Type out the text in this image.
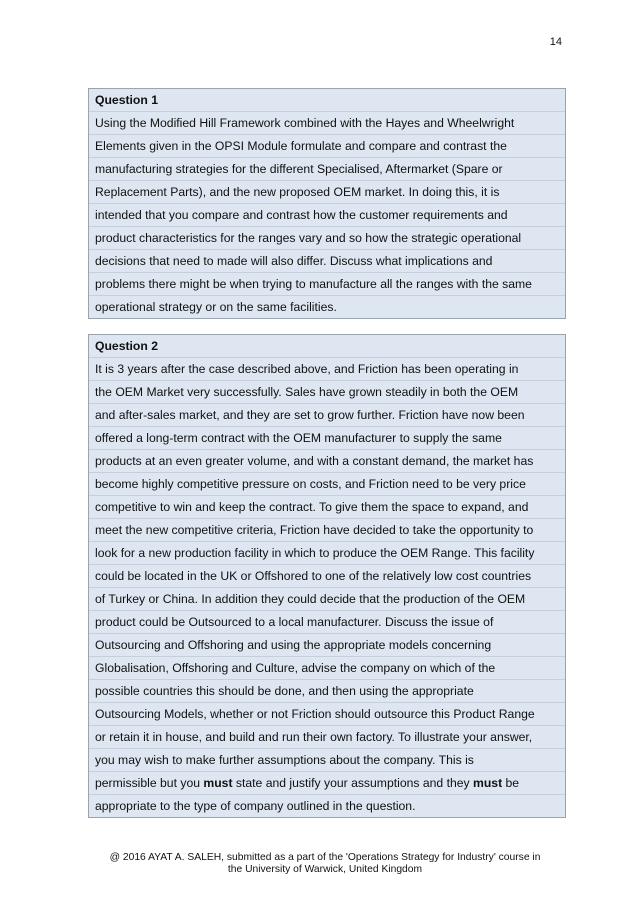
14
Question 1
Using the Modified Hill Framework combined with the Hayes and Wheelwright
Elements given in the OPSI Module formulate and compare and contrast the
manufacturing strategies for the different Specialised, Aftermarket (Spare or
Replacement Parts), and the new proposed OEM market. In doing this, it is
intended that you compare and contrast how the customer requirements and
product characteristics for the ranges vary and so how the strategic operational
decisions that need to made will also differ. Discuss what implications and
problems there might be when trying to manufacture all the ranges with the same
operational strategy or on the same facilities.
Question 2
It is 3 years after the case described above, and Friction has been operating in
the OEM Market very successfully. Sales have grown steadily in both the OEM
and after-sales market, and they are set to grow further. Friction have now been
offered a long-term contract with the OEM manufacturer to supply the same
products at an even greater volume, and with a constant demand, the market has
become highly competitive pressure on costs, and Friction need to be very price
competitive to win and keep the contract. To give them the space to expand, and
meet the new competitive criteria, Friction have decided to take the opportunity to
look for a new production facility in which to produce the OEM Range. This facility
could be located in the UK or Offshored to one of the relatively low cost countries
of Turkey or China. In addition they could decide that the production of the OEM
product could be Outsourced to a local manufacturer. Discuss the issue of
Outsourcing and Offshoring and using the appropriate models concerning
Globalisation, Offshoring and Culture, advise the company on which of the
possible countries this should be done, and then using the appropriate
Outsourcing Models, whether or not Friction should outsource this Product Range
or retain it in house, and build and run their own factory. To illustrate your answer,
you may wish to make further assumptions about the company. This is
permissible but you must state and justify your assumptions and they must be
appropriate to the type of company outlined in the question.
@ 2016 AYAT A. SALEH, submitted as a part of the 'Operations Strategy for Industry' course in
the University of Warwick, United Kingdom
